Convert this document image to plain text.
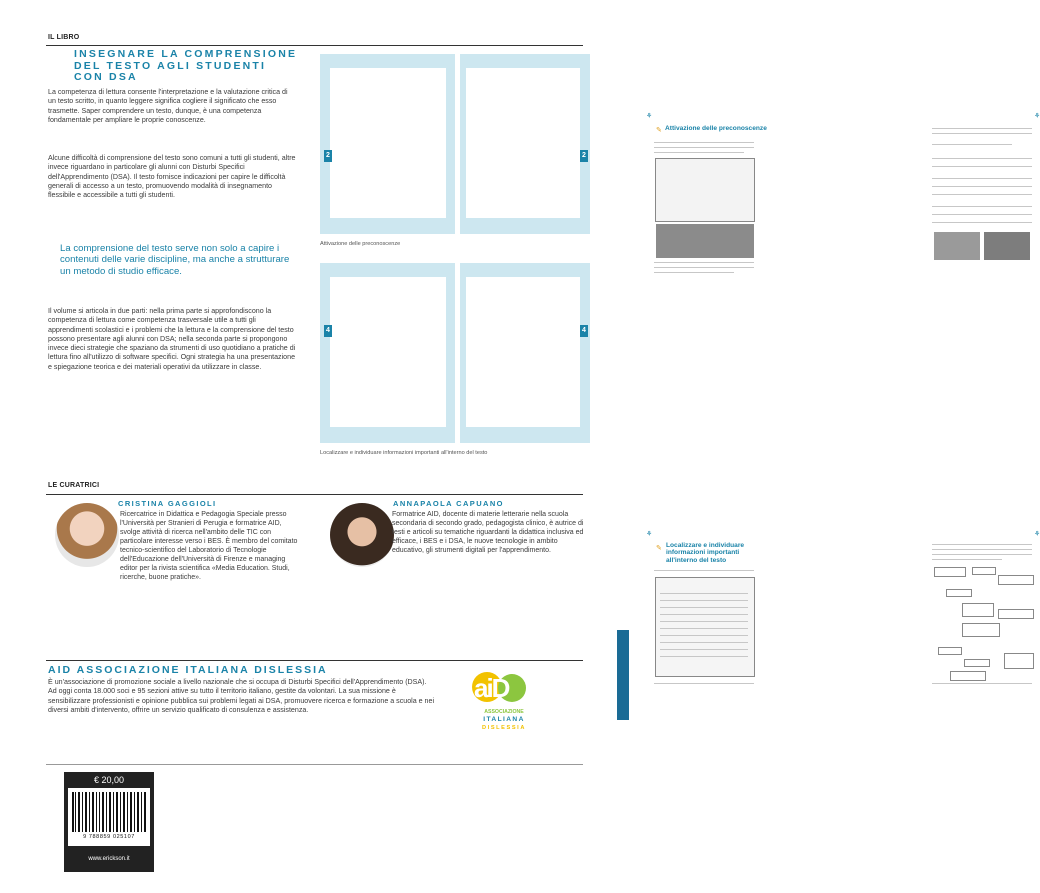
IL LIBRO
INSEGNARE LA COMPRENSIONE
DEL TESTO AGLI STUDENTI
CON DSA
La competenza di lettura consente l'interpretazione e la valutazione critica di un testo scritto, in quanto leggere significa cogliere il significato che esso trasmette. Saper comprendere un testo, dunque, è una competenza fondamentale per ampliare le proprie conoscenze.
Alcune difficoltà di comprensione del testo sono comuni a tutti gli studenti, altre invece riguardano in particolare gli alunni con Disturbi Specifici dell'Apprendimento (DSA). Il testo fornisce indicazioni per capire le difficoltà generali di accesso a un testo, promuovendo modalità di insegnamento flessibile e accessibile a tutti gli studenti.
La comprensione del testo serve non solo a capire i contenuti delle varie discipline, ma anche a strutturare un metodo di studio efficace.
Il volume si articola in due parti: nella prima parte si approfondiscono la competenza di lettura come competenza trasversale utile a tutti gli apprendimenti scolastici e i problemi che la lettura e la comprensione del testo possono presentare agli alunni con DSA; nella seconda parte si propongono invece dieci strategie che spaziano da strumenti di uso quotidiano a pratiche di lettura fino all'utilizzo di software specifici. Ogni strategia ha una presentazione e spiegazione teorica e dei materiali operativi da utilizzare in classe.
2
⚘
Attivazione delle preconoscenze
✎
2
⚘
Attivazione delle preconoscenze
4
⚘
✎ Localizzare e individuare
informazioni importanti
all'interno del testo
4
⚘
Localizzare e individuare informazioni importanti all'interno del testo
LE CURATRICI
CRISTINA GAGGIOLI
Ricercatrice in Didattica e Pedagogia Speciale presso l'Università per Stranieri di Perugia e formatrice AID, svolge attività di ricerca nell'ambito delle TIC con particolare interesse verso i BES. È membro del comitato tecnico-scientifico del Laboratorio di Tecnologie dell'Educazione dell'Università di Firenze e managing editor per la rivista scientifica «Media Education. Studi, ricerche, buone pratiche».
ANNAPAOLA CAPUANO
Formatrice AID, docente di materie letterarie nella scuola secondaria di secondo grado, pedagogista clinico, è autrice di testi e articoli su tematiche riguardanti la didattica inclusiva ed efficace, i BES e i DSA, le nuove tecnologie in ambito educativo, gli strumenti digitali per l'apprendimento.
AID ASSOCIAZIONE ITALIANA DISLESSIA
È un'associazione di promozione sociale a livello nazionale che si occupa di Disturbi Specifici dell'Apprendimento (DSA). Ad oggi conta 18.000 soci e 95 sezioni attive su tutto il territorio italiano, gestite da volontari. La sua missione è sensibilizzare professionisti e opinione pubblica sui problemi legati ai DSA, promuovere ricerca e formazione a scuola e nei diversi ambiti d'intervento, offrire un servizio qualificato di consulenza e assistenza.
aiD
ASSOCIAZIONE
ITALIANA
DISLESSIA
€ 20,00
9 788859 025107
www.erickson.it
